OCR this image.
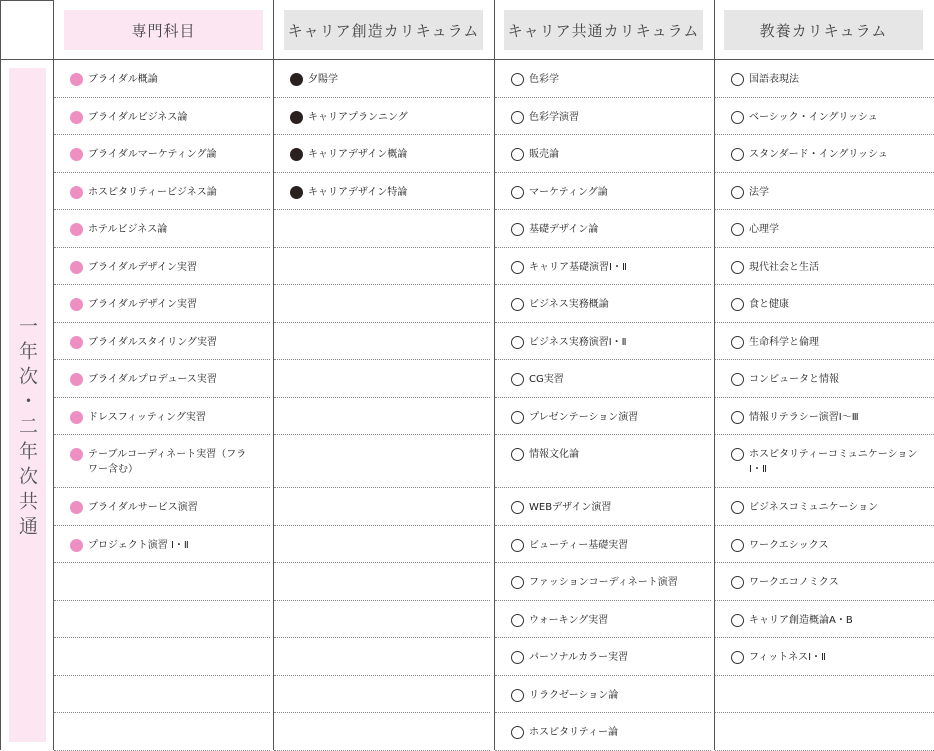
専門科目	キャリア創造カリキュラム キャリア共通カリキュラム	教養カリキュラム
一年次・二年次共通
ブライダル概論
ブライダルビジネス論
ブライダルマーケティング論
ホスピタリティービジネス論
ホテルビジネス論
ブライダルデザイン実習
ブライダルデザイン実習
ブライダルスタイリング実習
ブライダルプロデュース実習
ドレスフィッティング実習
テーブルコーディネート実習（フラワー含む）
ブライダルサービス演習
プロジェクト演習 Ⅰ・Ⅱ
夕陽学
キャリアプランニング
キャリアデザイン概論
キャリアデザイン特論
色彩学
色彩学演習
販売論
マーケティング論
基礎デザイン論
キャリア基礎演習Ⅰ・Ⅱ
ビジネス実務概論
ビジネス実務演習Ⅰ・Ⅱ
CG実習
プレゼンテーション演習
情報文化論
WEBデザイン演習
ビューティー基礎実習
ファッションコーディネート演習
ウォーキング実習
パーソナルカラー実習
リラクゼーション論
ホスピタリティー論
国語表現法
ベーシック・イングリッシュ
スタンダード・イングリッシュ
法学
心理学
現代社会と生活
食と健康
生命科学と倫理
コンピュータと情報
情報リテラシー演習Ⅰ〜Ⅲ
ホスピタリティーコミュニケーションⅠ・Ⅱ
ビジネスコミュニケーション
ワークエシックス
ワークエコノミクス
キャリア創造概論A・B
フィットネスⅠ・Ⅱ
